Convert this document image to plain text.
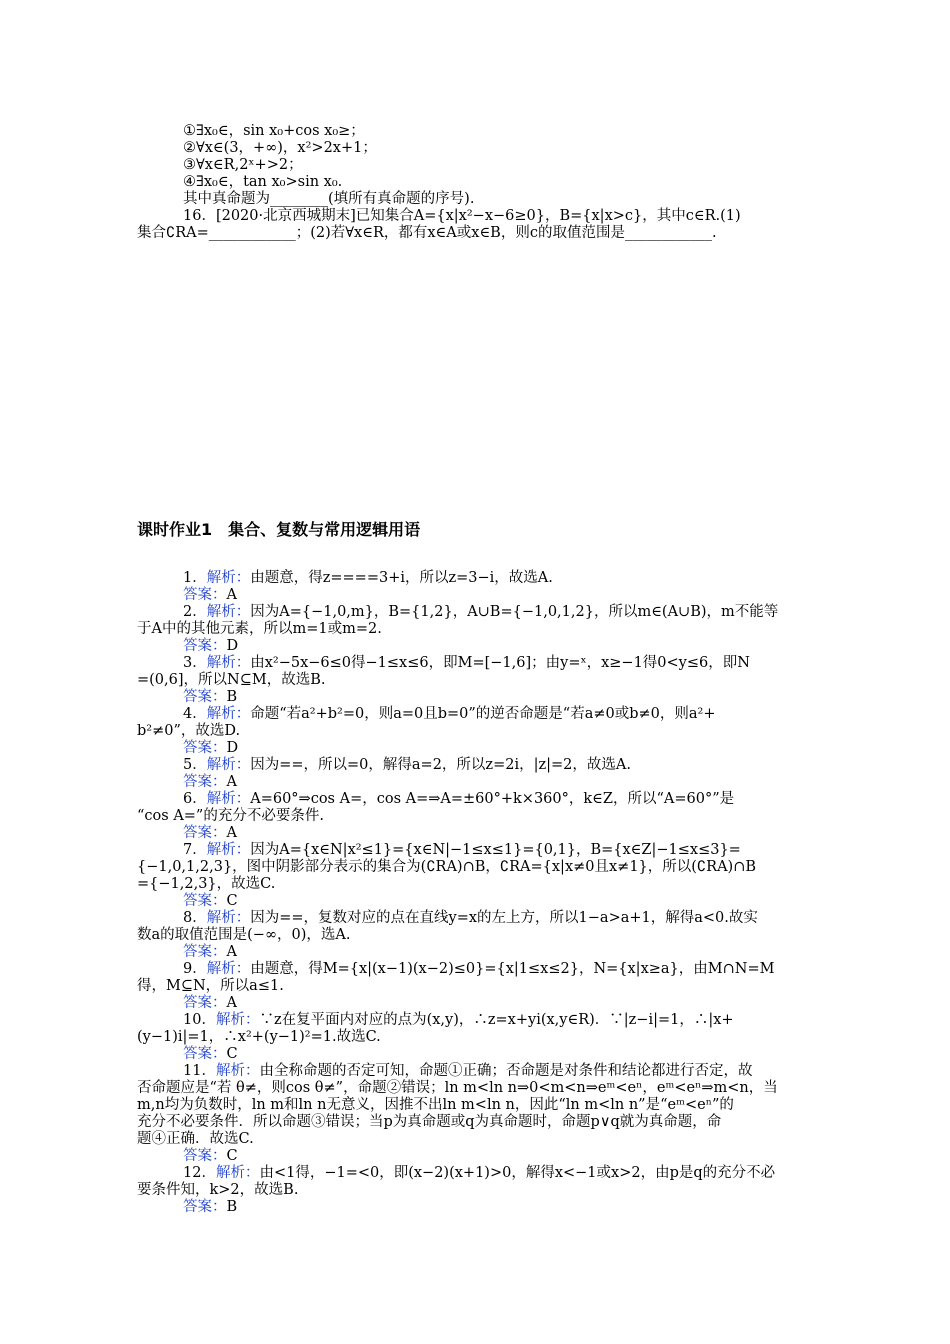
①∃x₀∈，sin x₀+cos x₀≥；
②∀x∈(3，+∞)，x²>2x+1；
③∀x∈R,2ˣ+>2；
④∃x₀∈，tan x₀>sin x₀.
其中真命题为________(填所有真命题的序号).
16．[2020·北京西城期末]已知集合A={x|x²−x−6≥0}，B={x|x>c}，其中c∈R.(1)
集合∁RA=____________；(2)若∀x∈R，都有x∈A或x∈B，则c的取值范围是____________.
课时作业1　集合、复数与常用逻辑用语
1．解析：由题意，得z====3+i，所以z=3−i，故选A.
答案：A
2．解析：因为A={−1,0,m}，B={1,2}，A∪B={−1,0,1,2}，所以m∈(A∪B)，m不能等
于A中的其他元素，所以m=1或m=2.
答案：D
3．解析：由x²−5x−6≤0得−1≤x≤6，即M=[−1,6]；由y=ˣ，x≥−1得0<y≤6，即N
=(0,6]，所以N⊆M，故选B.
答案：B
4．解析：命题“若a²+b²=0，则a=0且b=0”的逆否命题是“若a≠0或b≠0，则a²+
b²≠0”，故选D.
答案：D
5．解析：因为==，所以=0，解得a=2，所以z=2i，|z|=2，故选A.
答案：A
6．解析：A=60°⇒cos A=，cos A=⇒A=±60°+k×360°，k∈Z，所以“A=60°”是
“cos A=”的充分不必要条件.
答案：A
7．解析：因为A={x∈N|x²≤1}={x∈N|−1≤x≤1}={0,1}，B={x∈Z|−1≤x≤3}=
{−1,0,1,2,3}，图中阴影部分表示的集合为(∁RA)∩B，∁RA={x|x≠0且x≠1}，所以(∁RA)∩B
={−1,2,3}，故选C.
答案：C
8．解析：因为==，复数对应的点在直线y=x的左上方，所以1−a>a+1，解得a<0.故实
数a的取值范围是(−∞，0)，选A.
答案：A
9．解析：由题意，得M={x|(x−1)(x−2)≤0}={x|1≤x≤2}，N={x|x≥a}，由M∩N=M
得，M⊆N，所以a≤1.
答案：A
10．解析：∵z在复平面内对应的点为(x,y)，∴z=x+yi(x,y∈R)．∵|z−i|=1，∴|x+
(y−1)i|=1，∴x²+(y−1)²=1.故选C.
答案：C
11．解析：由全称命题的否定可知，命题①正确；否命题是对条件和结论都进行否定，故
否命题应是“若 θ≠，则cos θ≠”，命题②错误；ln m<ln n⇒0<m<n⇒eᵐ<eⁿ，eᵐ<eⁿ⇒m<n，当
m,n均为负数时，ln m和ln n无意义，因推不出ln m<ln n，因此“ln m<ln n”是“eᵐ<eⁿ”的
充分不必要条件．所以命题③错误；当p为真命题或q为真命题时，命题p∨q就为真命题，命
题④正确．故选C.
答案：C
12．解析：由<1得，−1=<0，即(x−2)(x+1)>0，解得x<−1或x>2，由p是q的充分不必
要条件知，k>2，故选B.
答案：B
